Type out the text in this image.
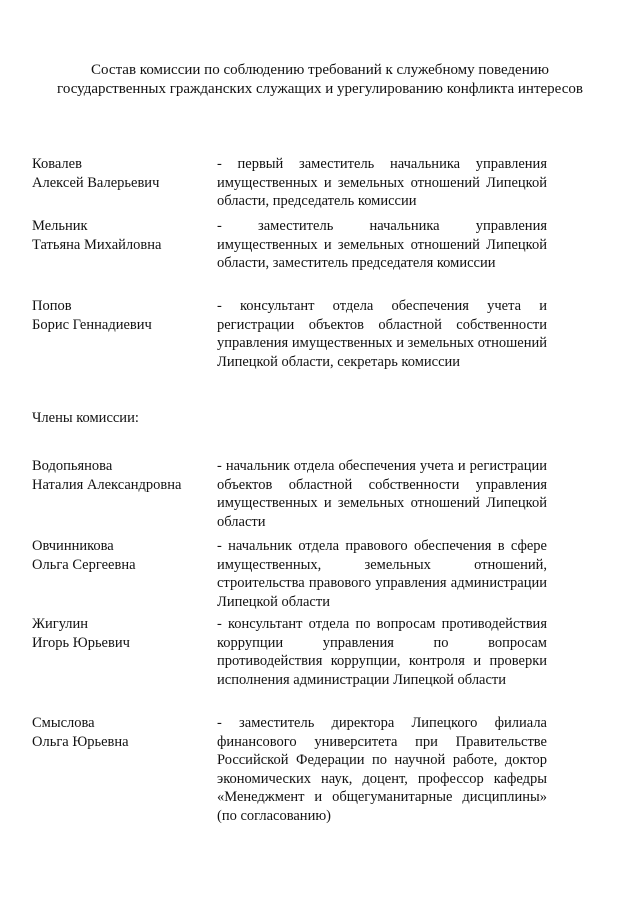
Состав комиссии по соблюдению требований к служебному поведению государственных гражданских служащих и урегулированию конфликта интересов
Ковалев
Алексей Валерьевич
- первый заместитель начальника управления имущественных и земельных отношений Липецкой области, председатель комиссии
Мельник
Татьяна Михайловна
- заместитель начальника управления имущественных и земельных отношений Липецкой области, заместитель председателя комиссии
Попов
Борис Геннадиевич
- консультант отдела обеспечения учета и регистрации объектов областной собственности управления имущественных и земельных отношений Липецкой области, секретарь комиссии
Члены комиссии:
Водопьянова
Наталия Александровна
- начальник отдела обеспечения учета и регистрации объектов областной собственности управления имущественных и земельных отношений Липецкой области
Овчинникова
Ольга Сергеевна
- начальник отдела правового обеспечения в сфере имущественных, земельных отношений, строительства правового управления администрации Липецкой области
Жигулин
Игорь Юрьевич
- консультант отдела по вопросам противодействия коррупции управления по вопросам противодействия коррупции, контроля и проверки исполнения администрации Липецкой области
Смыслова
Ольга Юрьевна
- заместитель директора Липецкого филиала финансового университета при Правительстве Российской Федерации по научной работе, доктор экономических наук, доцент, профессор кафедры «Менеджмент и общегуманитарные дисциплины» (по согласованию)
